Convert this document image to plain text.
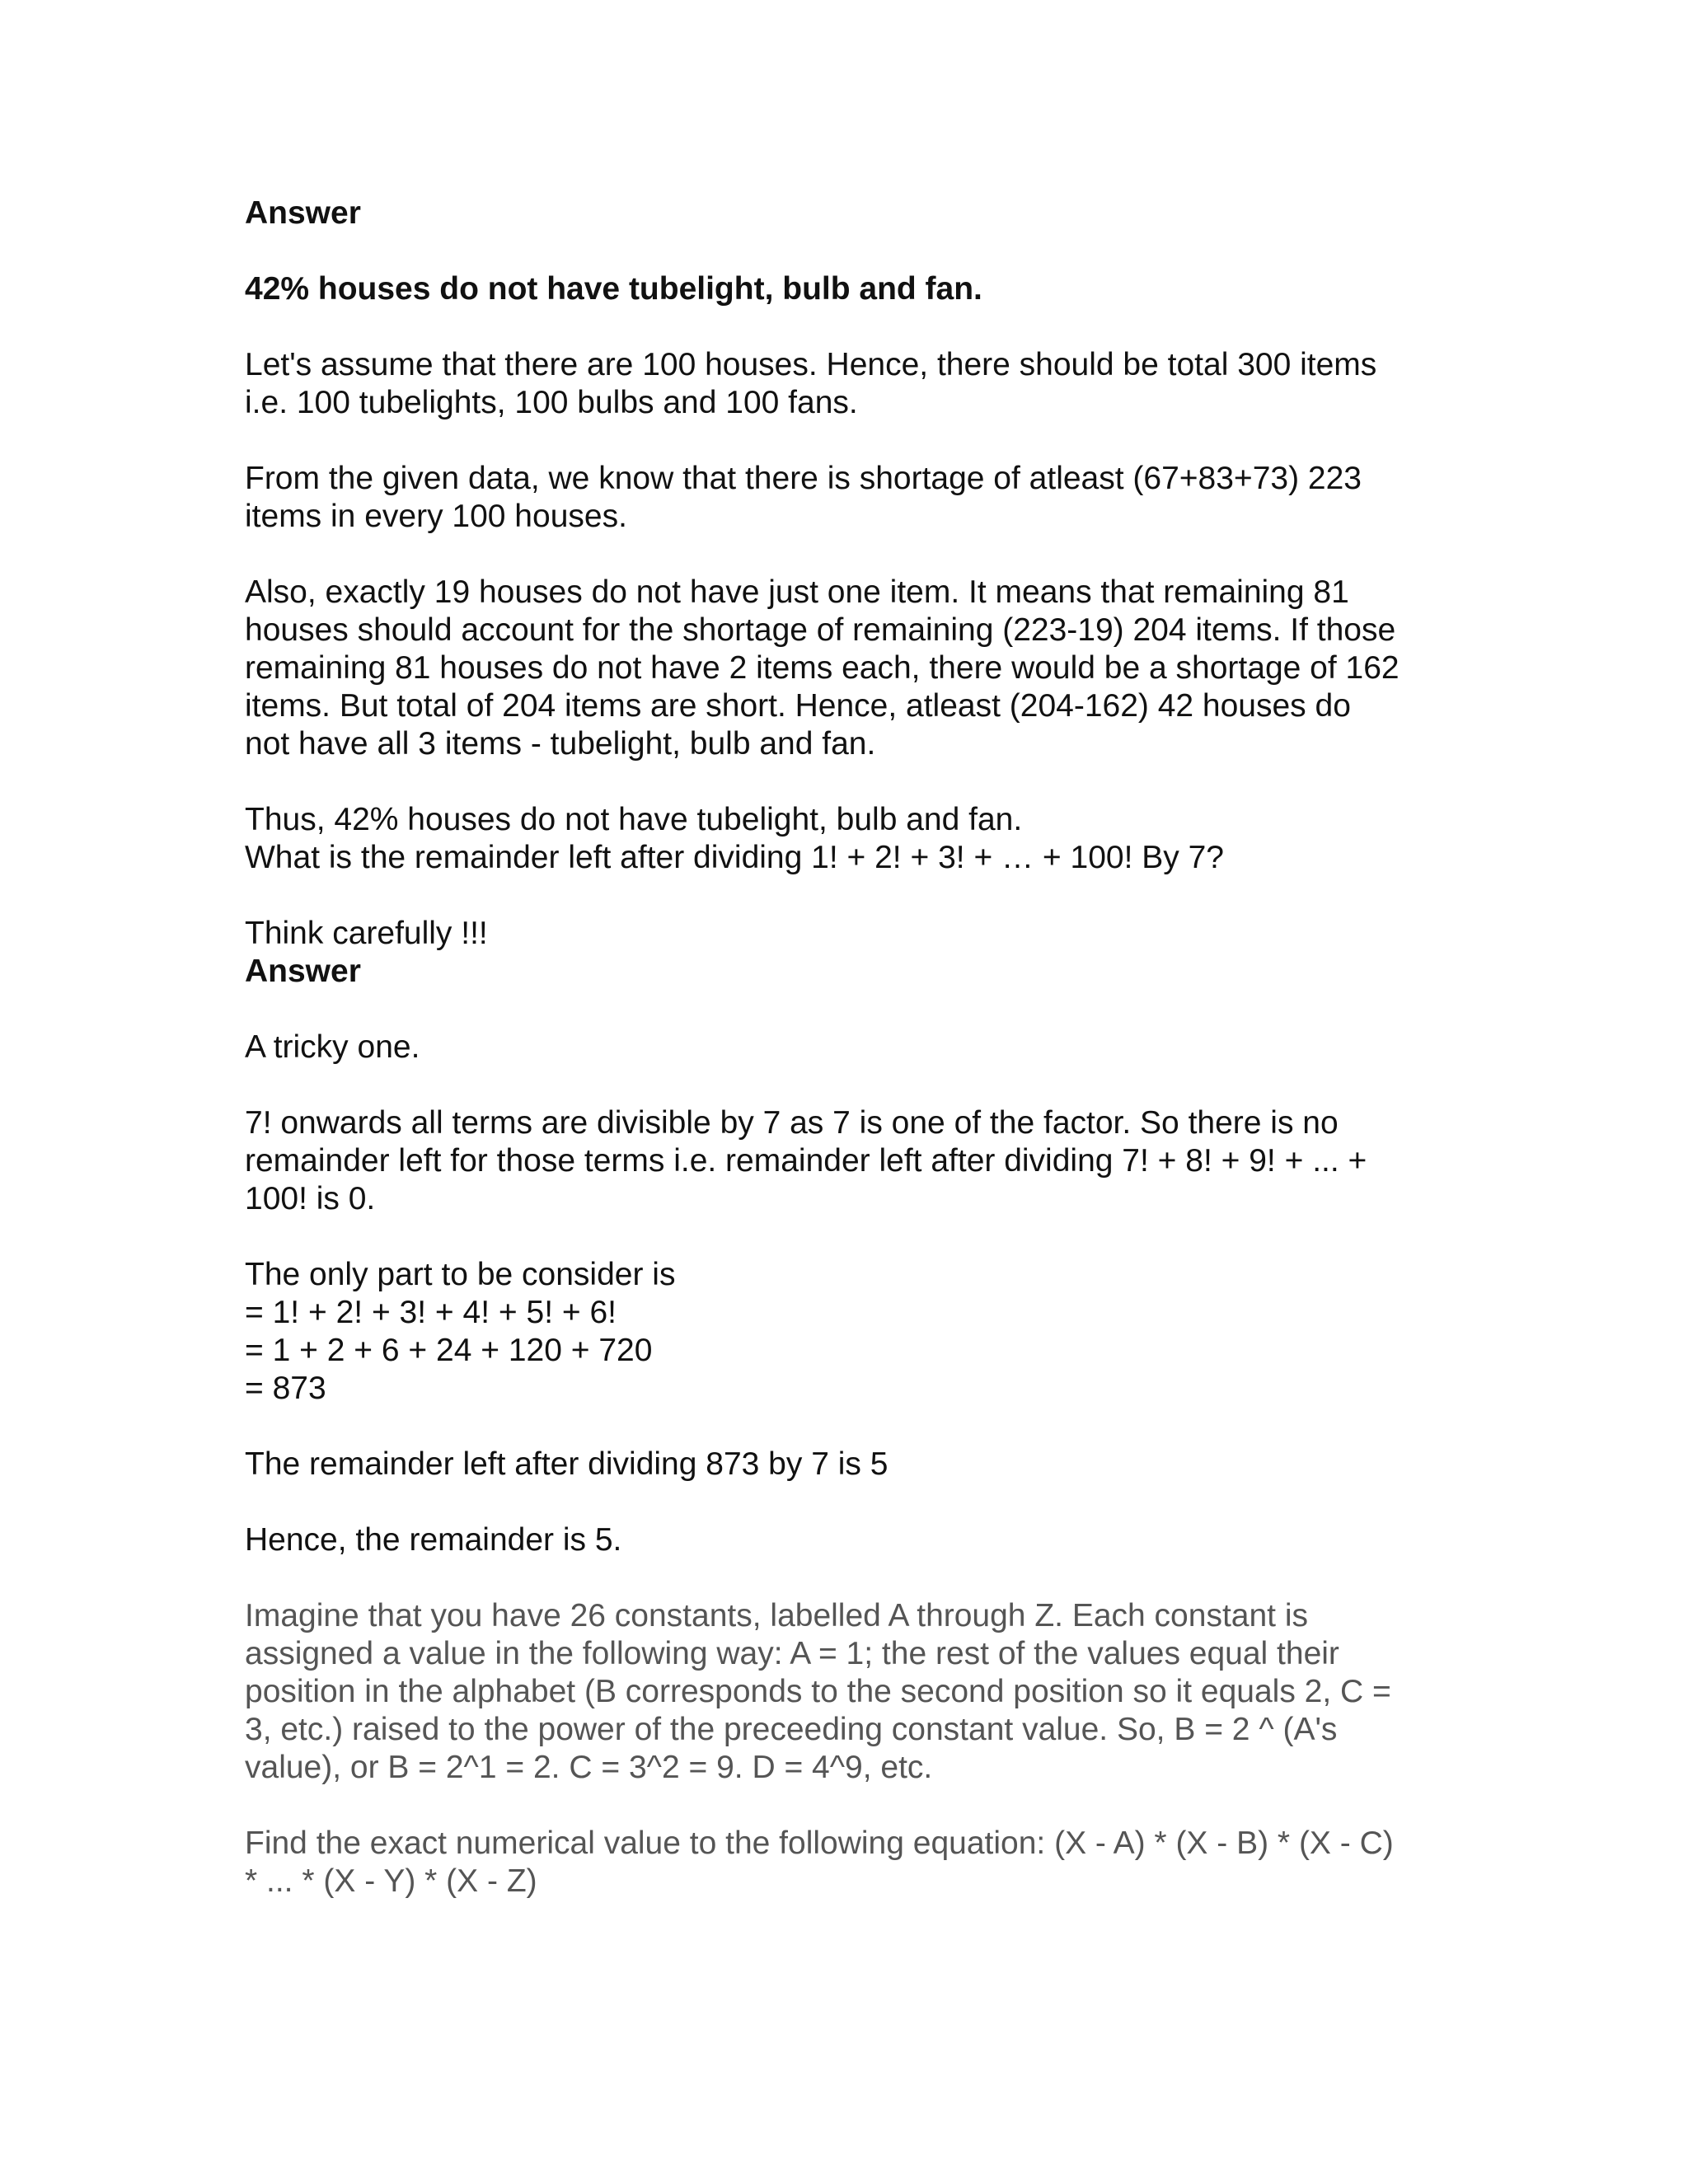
Answer
42% houses do not have tubelight, bulb and fan.
Let's assume that there are 100 houses. Hence, there should be total 300 items
i.e. 100 tubelights, 100 bulbs and 100 fans.
From the given data, we know that there is shortage of atleast (67+83+73) 223
items in every 100 houses.
Also, exactly 19 houses do not have just one item. It means that remaining 81
houses should account for the shortage of remaining (223-19) 204 items. If those
remaining 81 houses do not have 2 items each, there would be a shortage of 162
items. But total of 204 items are short. Hence, atleast (204-162) 42 houses do
not have all 3 items - tubelight, bulb and fan.
Thus, 42% houses do not have tubelight, bulb and fan.
What is the remainder left after dividing 1! + 2! + 3! + … + 100! By 7?
Think carefully !!!
Answer
A tricky one.
7! onwards all terms are divisible by 7 as 7 is one of the factor. So there is no
remainder left for those terms i.e. remainder left after dividing 7! + 8! + 9! + ... +
100! is 0.
The only part to be consider is
= 1! + 2! + 3! + 4! + 5! + 6!
= 1 + 2 + 6 + 24 + 120 + 720
= 873
The remainder left after dividing 873 by 7 is 5
Hence, the remainder is 5.
Imagine that you have 26 constants, labelled A through Z. Each constant is
assigned a value in the following way: A = 1; the rest of the values equal their
position in the alphabet (B corresponds to the second position so it equals 2, C =
3, etc.) raised to the power of the preceeding constant value. So, B = 2 ^ (A's
value), or B = 2^1 = 2. C = 3^2 = 9. D = 4^9, etc.
Find the exact numerical value to the following equation: (X - A) * (X - B) * (X - C)
* ... * (X - Y) * (X - Z)
